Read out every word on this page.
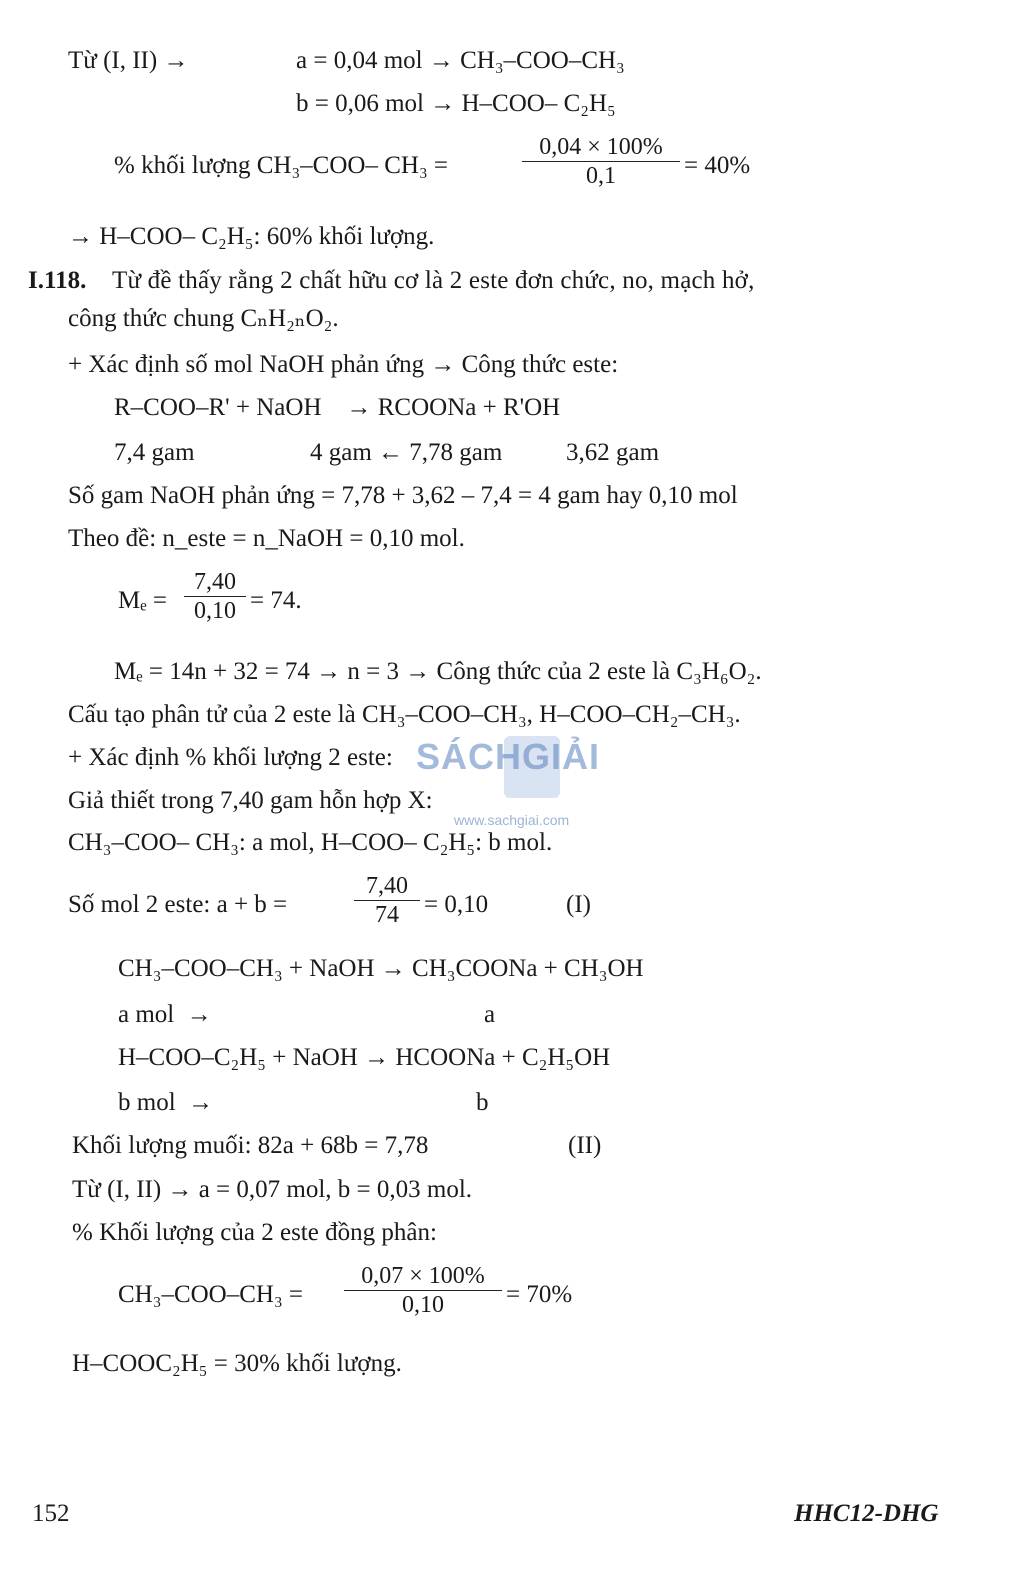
Từ (I, II) →	a = 0,04 mol → CH₃–COO–CH₃
b = 0,06 mol → H–COO– C₂H₅
% khối lượng CH₃–COO– CH₃ =
0,04 × 100%
0,1	= 40%
→ H–COO– C₂H₅: 60% khối lượng.
I.118. Từ đề thấy rằng 2 chất hữu cơ là 2 este đơn chức, no, mạch hở,
công thức chung CₙH₂ₙO₂.
+ Xác định số mol NaOH phản ứng → Công thức este:
R–COO–R' + NaOH    → RCOONa + R'OH
7,4 gam	4 gam ← 7,78 gam	3,62 gam
Số gam NaOH phản ứng = 7,78 + 3,62 – 7,4 = 4 gam hay 0,10 mol
Theo đề: n_este = n_NaOH = 0,10 mol.
Mₑ =
7,40
0,10 = 74.
Mₑ = 14n + 32 = 74 → n = 3 → Công thức của 2 este là C₃H₆O₂.
Cấu tạo phân tử của 2 este là CH₃–COO–CH₃, H–COO–CH₂–CH₃.
+ Xác định % khối lượng 2 este:
Giả thiết trong 7,40 gam hỗn hợp X:
CH₃–COO– CH₃: a mol, H–COO– C₂H₅: b mol.
Số mol 2 este: a + b =
7,40
74	= 0,10	(I)
CH₃–COO–CH₃ + NaOH → CH₃COONa + CH₃OH
a mol  →	a
H–COO–C₂H₅ + NaOH → HCOONa + C₂H₅OH
b mol  →	b
Khối lượng muối: 82a + 68b = 7,78	(II)
Từ (I, II) → a = 0,07 mol, b = 0,03 mol.
% Khối lượng của 2 este đồng phân:
CH₃–COO–CH₃ =
0,07 × 100%
0,10	= 70%
H–COOC₂H₅ = 30% khối lượng.
SÁCHGIẢI
www.sachgiai.com
152	HHC12-DHG
